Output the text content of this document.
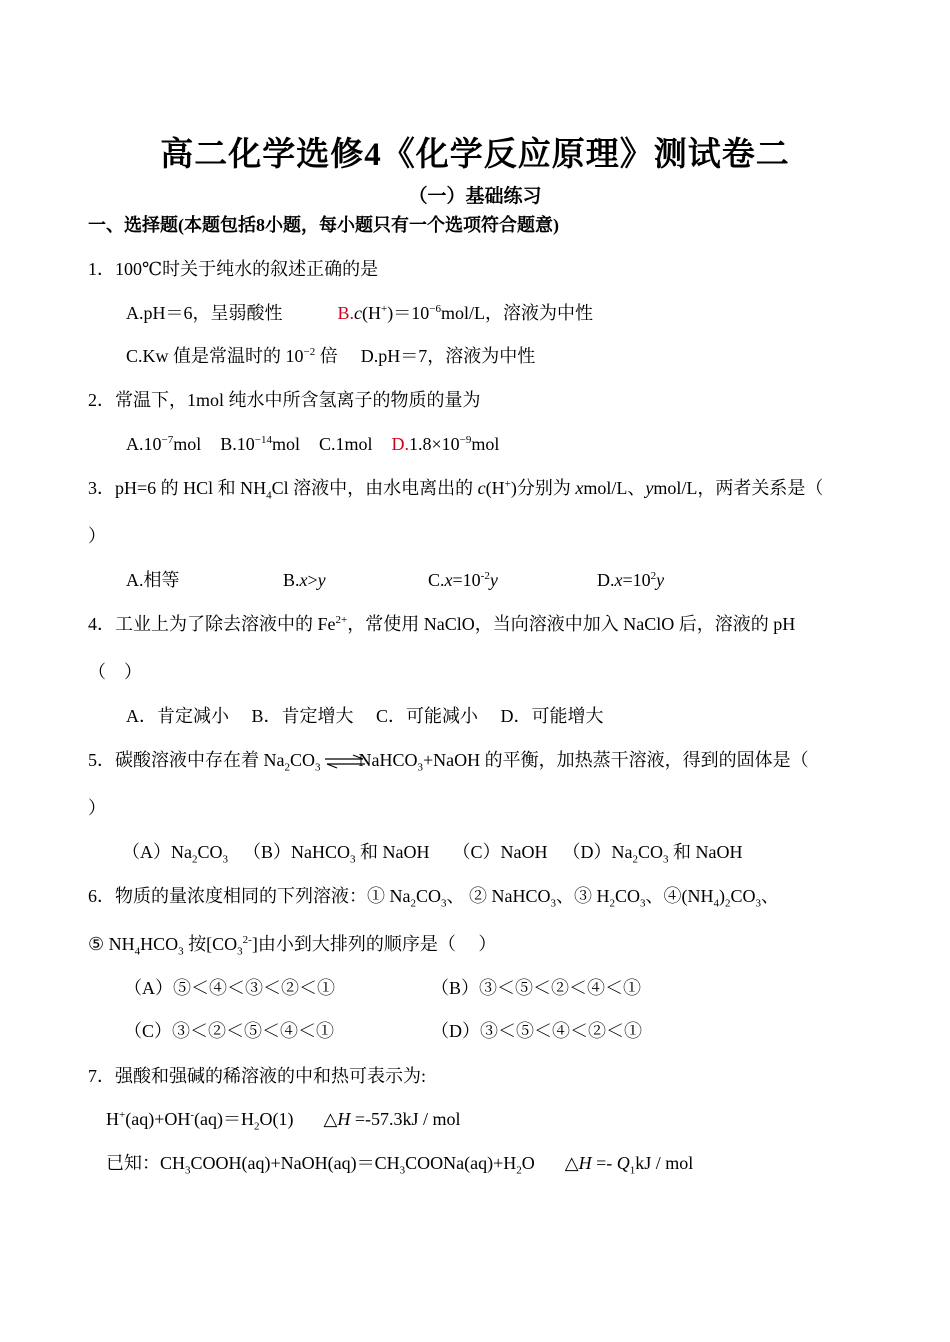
高二化学选修4《化学反应原理》测试卷二
（一）基础练习
一、选择题(本题包括8小题，每小题只有一个选项符合题意)
1．100℃时关于纯水的叙述正确的是
A.pH＝6，呈弱酸性	$B.c(H^+)=10^{-6}mol/L$，溶液为中性
C.Kw 值是常温时的 $10^{-2}$ 倍 D.pH＝7，溶液为中性
2．常温下，1mol 纯水中所含氢离子的物质的量为
$A.10^{-7}mol$ $B.10^{-14}mol$ C.1mol $D.1.8\times 10^{-9}mol$
3．pH=6 的 HCl 和 $NH_4Cl$ 溶液中，由水电离出的 c(H+)分别为 xmol/L、ymol/L，两者关系是（
）
A.相等	B.x>y	$C.x=10^{-2}y$	$D.x=10^2y$
4．工业上为了除去溶液中的 $Fe^{2+}$，常使用 NaClO，当向溶液中加入 NaClO 后，溶液的 pH
（　）
A．肯定减小　 B．肯定增大　 C．可能减小　 D．可能增大
5．碳酸溶液中存在着 $Na_2CO_3$ ⇌NaHCO$_3$+NaOH 的平衡，加热蒸干溶液，得到的固体是（
）
$(A)Na_2CO_3$ （B）NaHCO$_3$ 和 NaOH （C）NaOH $(D)Na_2CO_3$ 和 NaOH
6．物质的量浓度相同的下列溶液：① $Na_2CO_3$、 ② NaHCO$_3$、③ $H_2CO_3$、$④(NH_4)_2CO_3$、
⑤ $NH_4HCO_3$ 按$[CO_3^{2-}]$由小到大排列的顺序是（　 ）
（A）⑤＜④＜③＜②＜①	（B）③＜⑤＜②＜④＜①
（C）③＜②＜⑤＜④＜①	（D）③＜⑤＜④＜②＜①
7．强酸和强碱的稀溶液的中和热可表示为:
$H^+(aq)+OH^-(aq)=H_2O(1)$ △H =-57.3kJ / mol
已知：$CH_3COOH(aq)+NaOH(aq)=CH_3COONa(aq)+H_2O$ △H =- $Q_1kJ$ / mol
